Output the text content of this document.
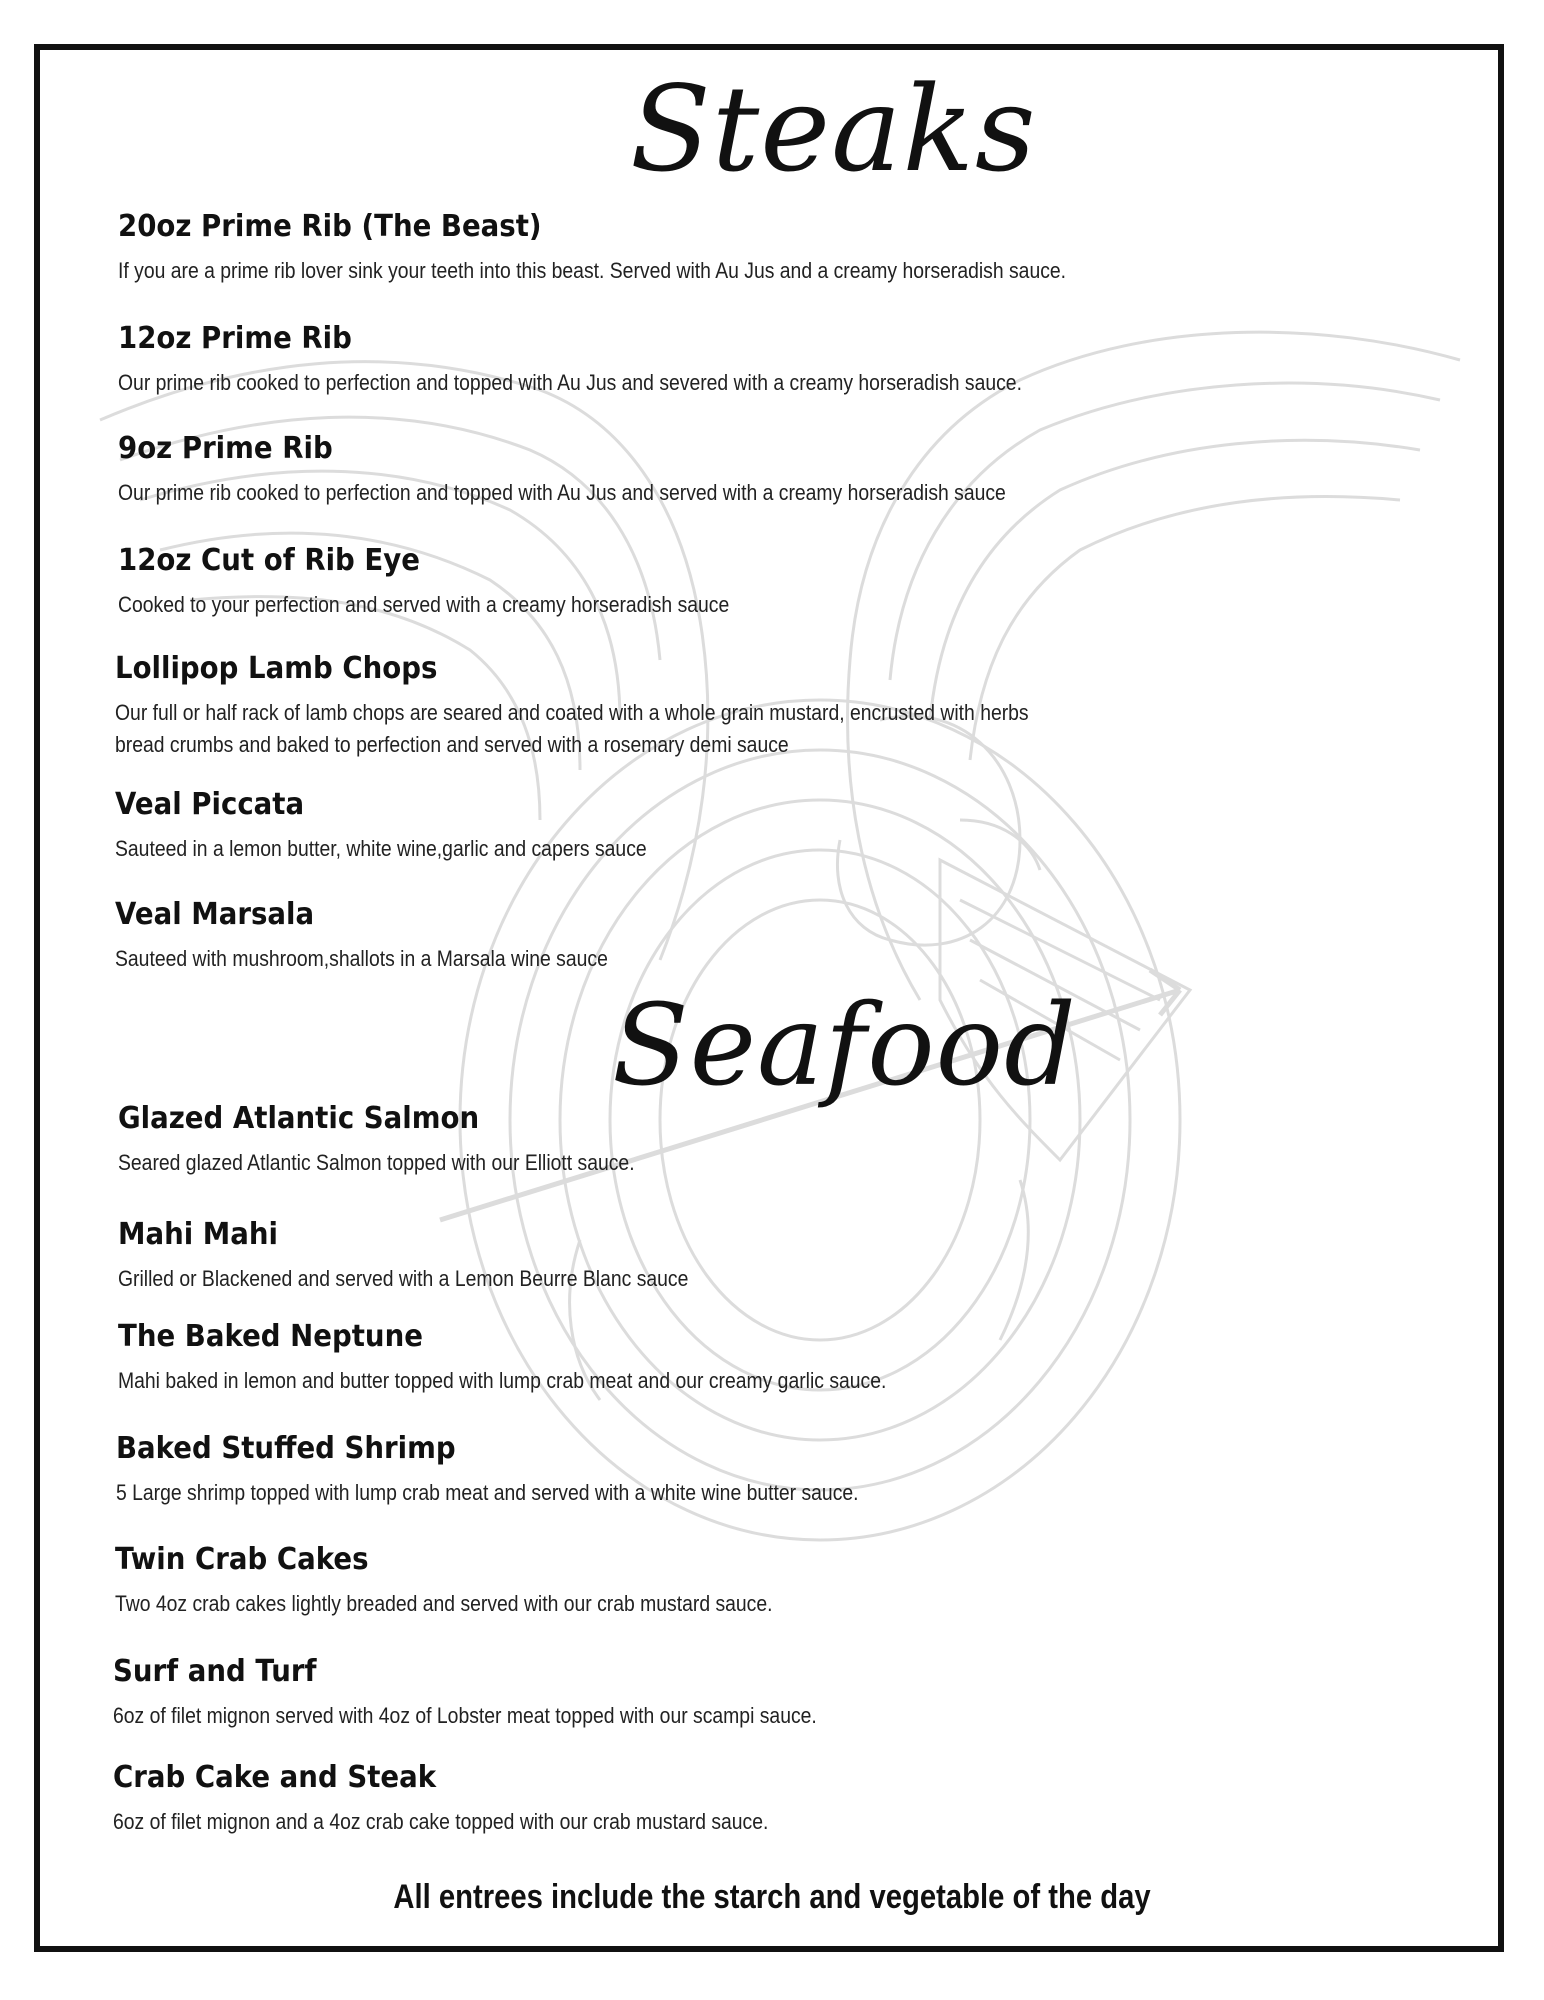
Steaks
20oz Prime Rib (The Beast)

If you are a prime rib lover sink your teeth into this beast. Served with Au Jus and a creamy horseradish sauce.

12oz Prime Rib

Our prime rib cooked to perfection and topped with Au Jus and severed with a creamy horseradish sauce.

9oz Prime Rib

Our prime rib cooked to perfection and topped with Au Jus and served with a creamy horseradish sauce

12oz Cut of Rib Eye

Cooked to your perfection and served with a creamy horseradish sauce

Lollipop Lamb Chops

Our full or half rack of lamb chops are seared and coated with a whole grain mustard, encrusted with herbs
bread crumbs and baked to perfection and served with a rosemary demi sauce

Veal Piccata

Sauteed in a lemon butter, white wine,garlic and capers sauce

Veal Marsala

Sauteed with mushroom,shallots in a Marsala wine sauce

Seafood
Glazed Atlantic Salmon

Seared glazed Atlantic Salmon topped with our Elliott sauce.

Mahi Mahi

Grilled or Blackened and served with a Lemon Beurre Blanc sauce

The Baked Neptune

Mahi baked in lemon and butter topped with lump crab meat and our creamy garlic sauce.

Baked Stuffed Shrimp

5 Large shrimp topped with lump crab meat and served with a white wine butter sauce.

Twin Crab Cakes

Two 4oz crab cakes lightly breaded and served with our crab mustard sauce.

Surf and Turf

6oz of filet mignon served with 4oz of Lobster meat topped with our scampi sauce.

Crab Cake and Steak

6oz of filet mignon and a 4oz crab cake topped with our crab mustard sauce.

All entrees include the starch and vegetable of the day
